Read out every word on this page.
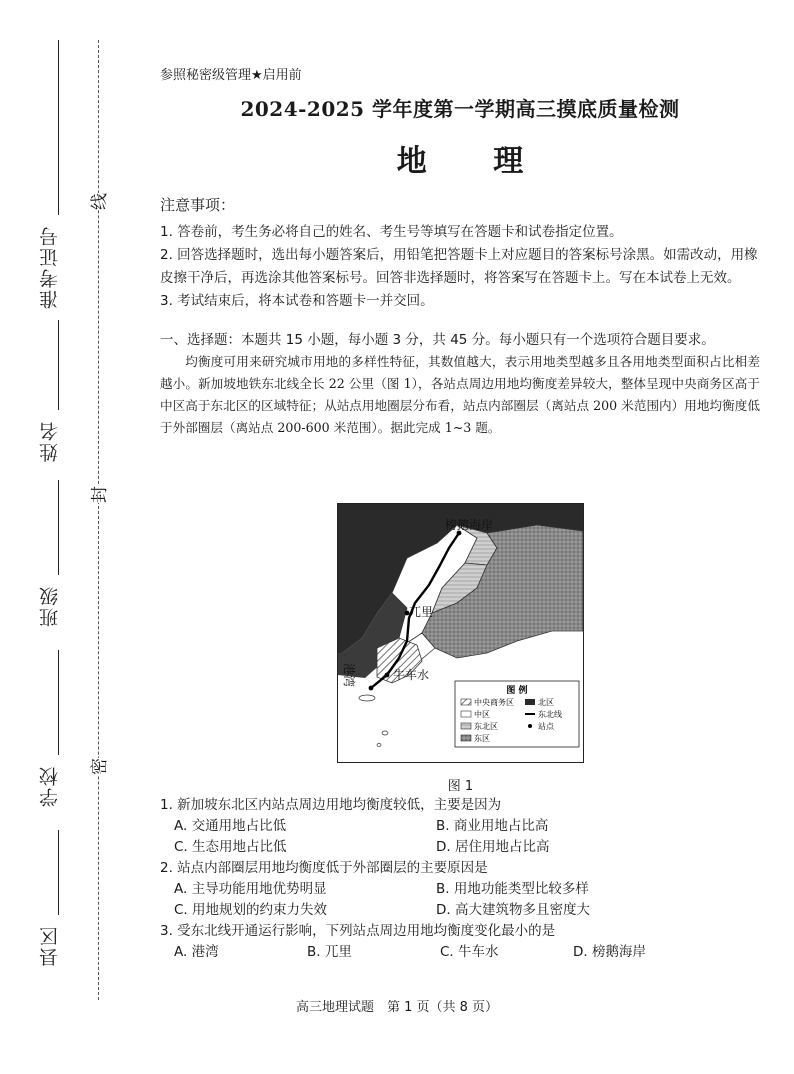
准考证号
姓名
班级
学校
县区
线
封
密
参照秘密级管理★启用前
2024-2025 学年度第一学期高三摸底质量检测
地 理
注意事项：
1. 答卷前，考生务必将自己的姓名、考生号等填写在答题卡和试卷指定位置。
2. 回答选择题时，选出每小题答案后，用铅笔把答题卡上对应题目的答案标号涂黑。如需改动，用橡皮擦干净后，再选涂其他答案标号。回答非选择题时，将答案写在答题卡上。写在本试卷上无效。
3. 考试结束后，将本试卷和答题卡一并交回。
一、选择题：本题共 15 小题，每小题 3 分，共 45 分。每小题只有一个选项符合题目要求。
均衡度可用来研究城市用地的多样性特征，其数值越大，表示用地类型越多且各用地类型面积占比相差越小。新加坡地铁东北线全长 22 公里（图 1），各站点周边用地均衡度差异较大，整体呈现中央商务区高于中区高于东北区的区域特征；从站点用地圈层分布看，站点内部圈层（离站点 200 米范围内）用地均衡度低于外部圈层（离站点 200-600 米范围）。据此完成 1~3 题。
榜鹅海岸
兀里
港湾	牛车水
图 例
中央商务区	北区
中区	东北线
东北区	站点
东区
图 1
1. 新加坡东北区内站点周边用地均衡度较低，主要是因为
A. 交通用地占比低	B. 商业用地占比高
C. 生态用地占比低	D. 居住用地占比高
2. 站点内部圈层用地均衡度低于外部圈层的主要原因是
A. 主导功能用地优势明显	B. 用地功能类型比较多样
C. 用地规划的约束力失效	D. 高大建筑物多且密度大
3. 受东北线开通运行影响，下列站点周边用地均衡度变化最小的是
A. 港湾	B. 兀里	C. 牛车水	D. 榜鹅海岸
高三地理试题　第 1 页（共 8 页）
